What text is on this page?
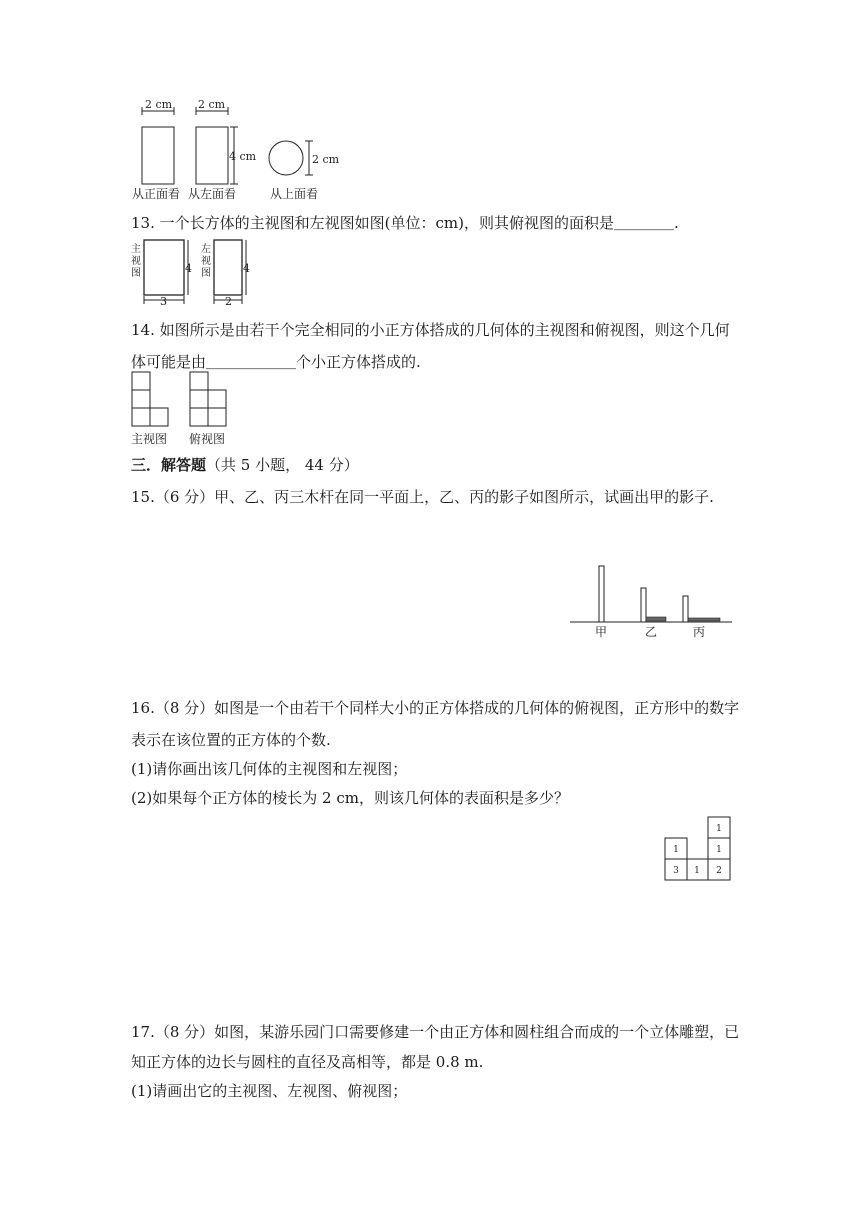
2 cm 2 cm
4 cm	2 cm
从正面看 从左面看	从上面看
13. 一个长方体的主视图和左视图如图(单位：cm)，则其俯视图的面积是＿＿＿＿.
4
3
4
2
主视图
左视图
14. 如图所示是由若干个完全相同的小正方体搭成的几何体的主视图和俯视图，则这个几何
体可能是由＿＿＿＿＿＿个小正方体搭成的.
主视图 俯视图
三．解答题（共 5 小题， 44 分）
15.（6 分）甲、乙、丙三木杆在同一平面上，乙、丙的影子如图所示，试画出甲的影子.
甲	乙	丙
16.（8 分）如图是一个由若干个同样大小的正方体搭成的几何体的俯视图，正方形中的数字
表示在该位置的正方体的个数.
(1)请你画出该几何体的主视图和左视图；
(2)如果每个正方体的棱长为 2 cm，则该几何体的表面积是多少？
1
1	1
3 1 2
17.（8 分）如图，某游乐园门口需要修建一个由正方体和圆柱组合而成的一个立体雕塑，已
知正方体的边长与圆柱的直径及高相等，都是 0.8 m.
(1)请画出它的主视图、左视图、俯视图；
